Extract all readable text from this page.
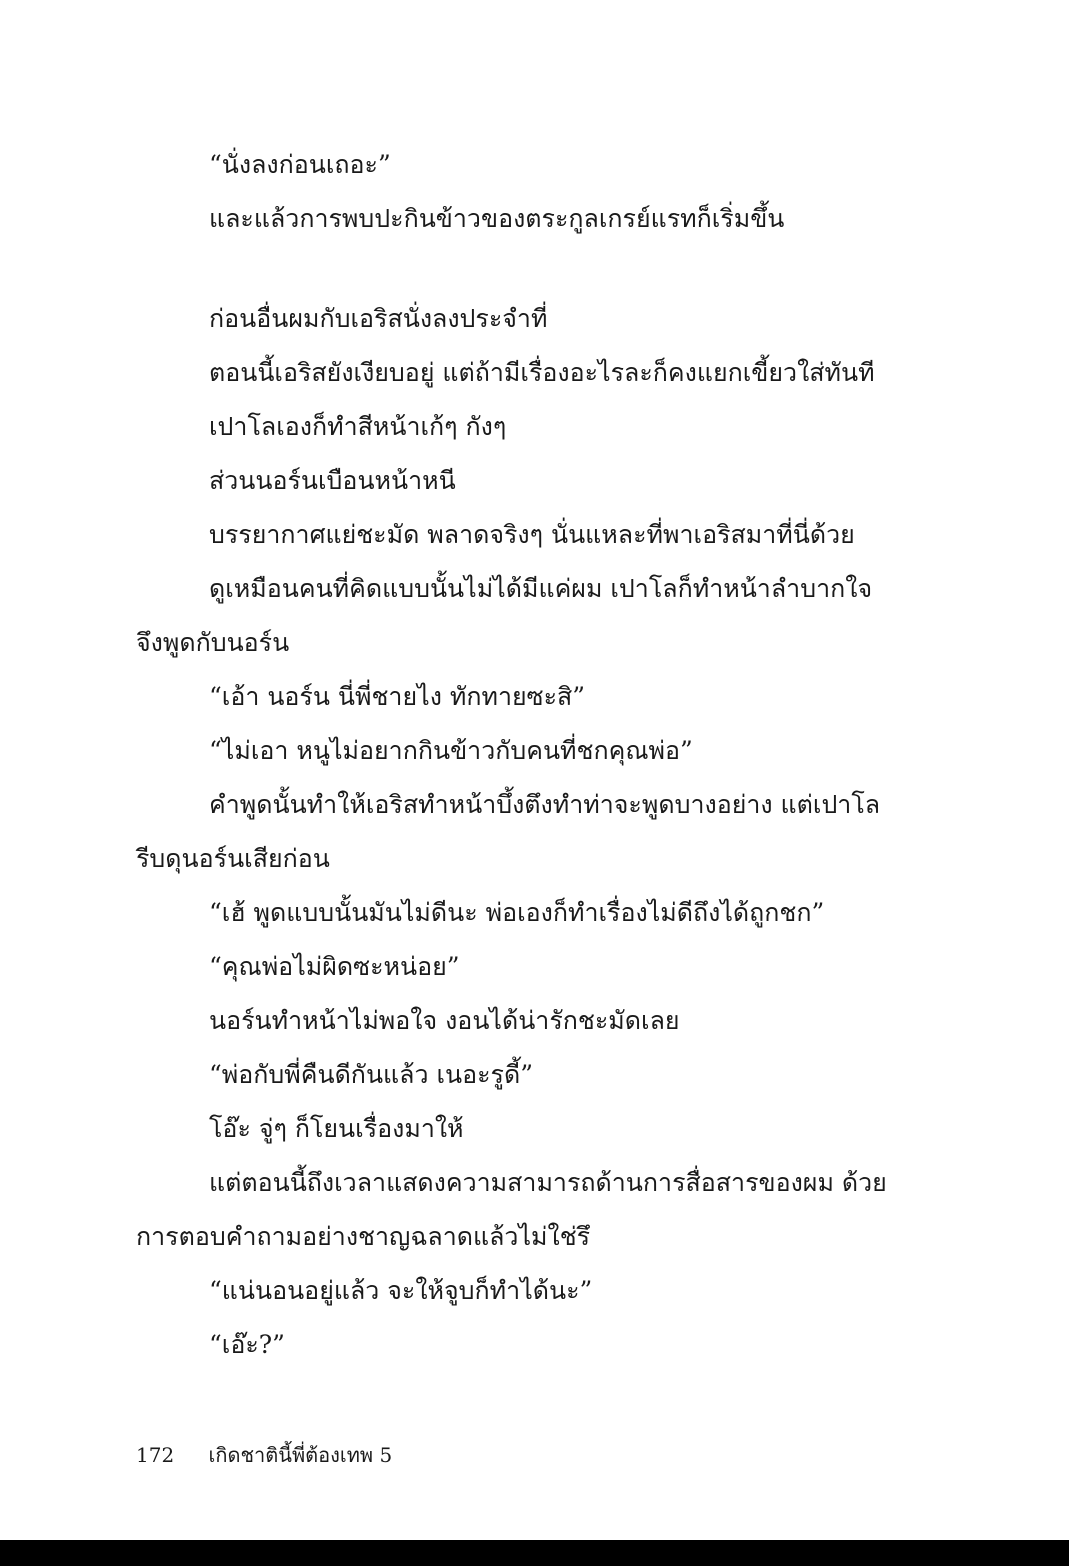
“นั่งลงก่อนเถอะ”
และแล้วการพบปะกินข้าวของตระกูลเกรย์แรทก็เริ่มขึ้น
ก่อนอื่นผมกับเอริสนั่งลงประจำที่
ตอนนี้เอริสยังเงียบอยู่ แต่ถ้ามีเรื่องอะไรละก็คงแยกเขี้ยวใส่ทันที
เปาโลเองก็ทำสีหน้าเก้ๆ กังๆ
ส่วนนอร์นเบือนหน้าหนี
บรรยากาศแย่ชะมัด พลาดจริงๆ นั่นแหละที่พาเอริสมาที่นี่ด้วย
ดูเหมือนคนที่คิดแบบนั้นไม่ได้มีแค่ผม เปาโลก็ทำหน้าลำบากใจ
จึงพูดกับนอร์น
“เอ้า นอร์น นี่พี่ชายไง ทักทายซะสิ”
“ไม่เอา หนูไม่อยากกินข้าวกับคนที่ชกคุณพ่อ”
คำพูดนั้นทำให้เอริสทำหน้าบึ้งตึงทำท่าจะพูดบางอย่าง แต่เปาโล
รีบดุนอร์นเสียก่อน
“เฮ้ พูดแบบนั้นมันไม่ดีนะ พ่อเองก็ทำเรื่องไม่ดีถึงได้ถูกชก”
“คุณพ่อไม่ผิดซะหน่อย”
นอร์นทำหน้าไม่พอใจ งอนได้น่ารักชะมัดเลย
“พ่อกับพี่คืนดีกันแล้ว เนอะรูดี้”
โอ๊ะ จู่ๆ ก็โยนเรื่องมาให้
แต่ตอนนี้ถึงเวลาแสดงความสามารถด้านการสื่อสารของผม ด้วย
การตอบคำถามอย่างชาญฉลาดแล้วไม่ใช่รึ
“แน่นอนอยู่แล้ว จะให้จูบก็ทำได้นะ”
“เอ๊ะ?”
172 เกิดชาตินี้พี่ต้องเทพ 5
